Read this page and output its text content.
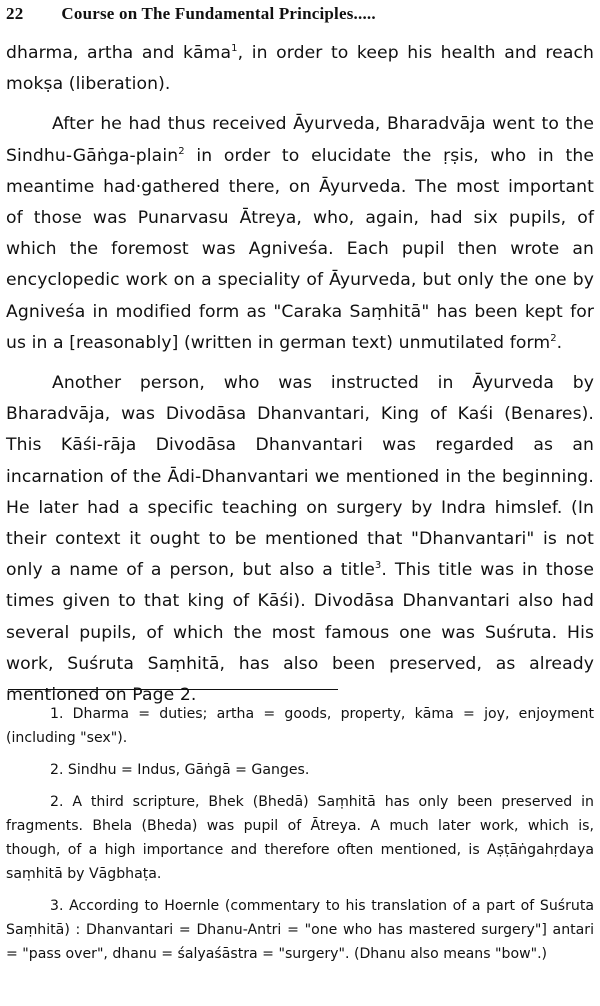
22 Course on The Fundamental Principles.....

dharma, artha and kāma$^1$, in order to keep his health and reach mokṣa (liberation).

After he had thus received Āyurveda, Bharadvāja went to the Sindhu-Gāṅga-plain$^2$ in order to elucidate the ṛṣis, who in the meantime had·gathered there, on Āyurveda. The most important of those was Punarvasu Ātreya, who, again, had six pupils, of which the foremost was Agniveśa. Each pupil then wrote an encyclopedic work on a speciality of Āyurveda, but only the one by Agniveśa in modified form as "Caraka Saṃhitā" has been kept for us in a [reasonably] (written in german text) unmutilated form$^2$.

Another person, who was instructed in Āyurveda by Bharadvāja, was Divodāsa Dhanvantari, King of Kaśi (Benares). This Kāśi-rāja Divodāsa Dhanvantari was regarded as an incarnation of the Ādi-Dhanvantari we mentioned in the beginning. He later had a specific teaching on surgery by Indra himslef. (In their context it ought to be mentioned that "Dhanvantari" is not only a name of a person, but also a title$^3$. This title was in those times given to that king of Kāśi). Divodāsa Dhanvantari also had several pupils, of which the most famous one was Suśruta. His work, Suśruta Saṃhitā, has also been preserved, as already mentioned on Page 2.

1. Dharma = duties; artha = goods, property, kāma = joy, enjoyment (including "sex").

2. Sindhu = Indus, Gāṅgā = Ganges.

2. A third scripture, Bhek (Bhedā) Saṃhitā has only been preserved in fragments. Bhela (Bheda) was pupil of Ātreya. A much later work, which is, though, of a high importance and therefore often mentioned, is Aṣṭāṅgahṛdaya saṃhitā by Vāgbhaṭa.

3. According to Hoernle (commentary to his translation of a part of Suśruta Saṃhitā) : Dhanvantari = Dhanu-Antri = "one who has mastered surgery"] antari = "pass over", dhanu = śalyaśāstra = "surgery". (Dhanu also means "bow".)
